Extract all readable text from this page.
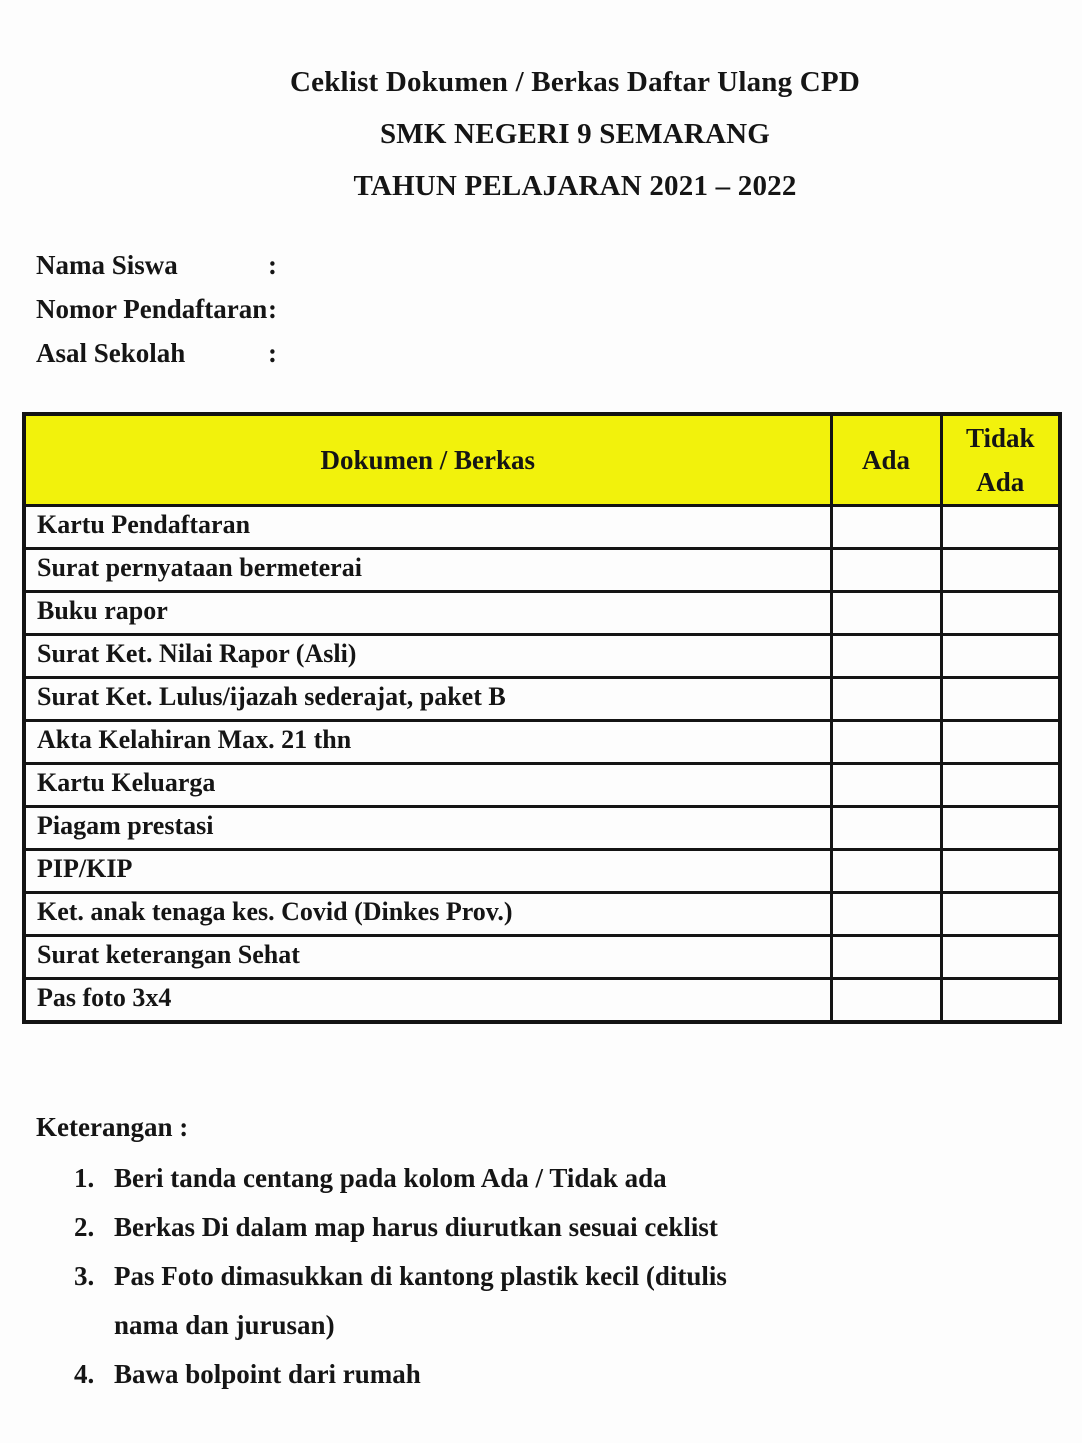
Ceklist Dokumen / Berkas Daftar Ulang CPD
SMK NEGERI 9 SEMARANG
TAHUN PELAJARAN 2021 – 2022
Nama Siswa	:
Nomor Pendaftaran :
Asal Sekolah	:
Dokumen / Berkas	Ada	Tidak Ada
Kartu Pendaftaran		
Surat pernyataan bermeterai		
Buku rapor		
Surat Ket. Nilai Rapor (Asli)		
Surat Ket. Lulus/ijazah sederajat, paket B		
Akta Kelahiran Max. 21 thn		
Kartu Keluarga		
Piagam prestasi		
PIP/KIP		
Ket. anak tenaga kes. Covid (Dinkes Prov.)		
Surat keterangan Sehat		
Pas foto 3x4		
Keterangan :
Beri tanda centang pada kolom Ada / Tidak ada
Berkas Di dalam map harus diurutkan sesuai ceklist
Pas Foto dimasukkan di kantong plastik kecil (ditulis nama dan jurusan)
Bawa bolpoint dari rumah
